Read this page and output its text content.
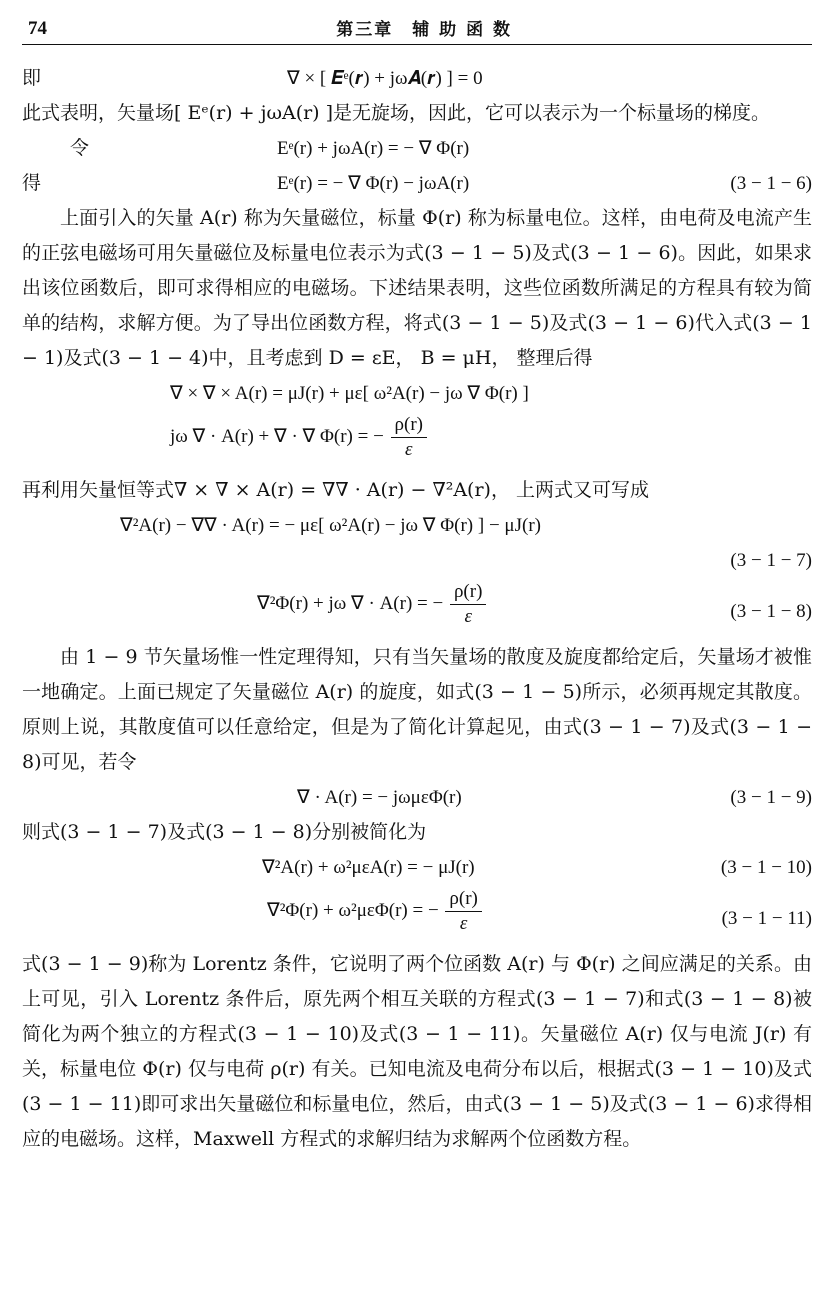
74	第三章　辅 助 函 数
即	∇ × [ 𝑬ᵉ(𝒓) + jω𝑨(𝒓) ] = 0

此式表明，矢量场[ Eᵉ(r) + jωA(r) ]是无旋场，因此，它可以表示为一个标量场的梯度。

令	Eᵉ(r) + jωA(r) = − ∇ Φ(r)
得	Eᵉ(r) = − ∇ Φ(r) − jωA(r)	(3 − 1 − 6)

上面引入的矢量 A(r) 称为矢量磁位，标量 Φ(r) 称为标量电位。这样，由电荷及电流产生的正弦电磁场可用矢量磁位及标量电位表示为式(3 − 1 − 5)及式(3 − 1 − 6)。因此，如果求出该位函数后，即可求得相应的电磁场。下述结果表明，这些位函数所满足的方程具有较为简单的结构，求解方便。为了导出位函数方程，将式(3 − 1 − 5)及式(3 − 1 − 6)代入式(3 − 1 − 1)及式(3 − 1 − 4)中，且考虑到 D = εE， B = μH， 整理后得

∇ × ∇ × A(r) = μJ(r) + με[ ω²A(r) − jω ∇ Φ(r) ]
jω ∇ · A(r) + ∇ · ∇ Φ(r) = − $\frac{\rho(r)}{\varepsilon}$

再利用矢量恒等式∇ × ∇ × A(r) = ∇∇ · A(r) − ∇²A(r)， 上两式又可写成

∇²A(r) − ∇∇ · A(r) = − με[ ω²A(r) − jω ∇ Φ(r) ] − μJ(r)
(3 − 1 − 7)
∇²Φ(r) + jω ∇ · A(r) = − $\frac{\rho(r)}{\varepsilon}$	(3 − 1 − 8)

由 1 − 9 节矢量场惟一性定理得知，只有当矢量场的散度及旋度都给定后，矢量场才被惟一地确定。上面已规定了矢量磁位 A(r) 的旋度，如式(3 − 1 − 5)所示，必须再规定其散度。原则上说，其散度值可以任意给定，但是为了简化计算起见，由式(3 − 1 − 7)及式(3 − 1 − 8)可见，若令

∇ · A(r) = − jωμεΦ(r)	(3 − 1 − 9)

则式(3 − 1 − 7)及式(3 − 1 − 8)分别被简化为

∇²A(r) + ω²μεA(r) = − μJ(r)	(3 − 1 − 10)
∇²Φ(r) + ω²μεΦ(r) = − $\frac{\rho(r)}{\varepsilon}$	(3 − 1 − 11)

式(3 − 1 − 9)称为 Lorentz 条件，它说明了两个位函数 A(r) 与 Φ(r) 之间应满足的关系。由上可见，引入 Lorentz 条件后，原先两个相互关联的方程式(3 − 1 − 7)和式(3 − 1 − 8)被简化为两个独立的方程式(3 − 1 − 10)及式(3 − 1 − 11)。矢量磁位 A(r) 仅与电流 J(r) 有关，标量电位 Φ(r) 仅与电荷 ρ(r) 有关。已知电流及电荷分布以后，根据式(3 − 1 − 10)及式(3 − 1 − 11)即可求出矢量磁位和标量电位，然后，由式(3 − 1 − 5)及式(3 − 1 − 6)求得相应的电磁场。这样，Maxwell 方程式的求解归结为求解两个位函数方程。
